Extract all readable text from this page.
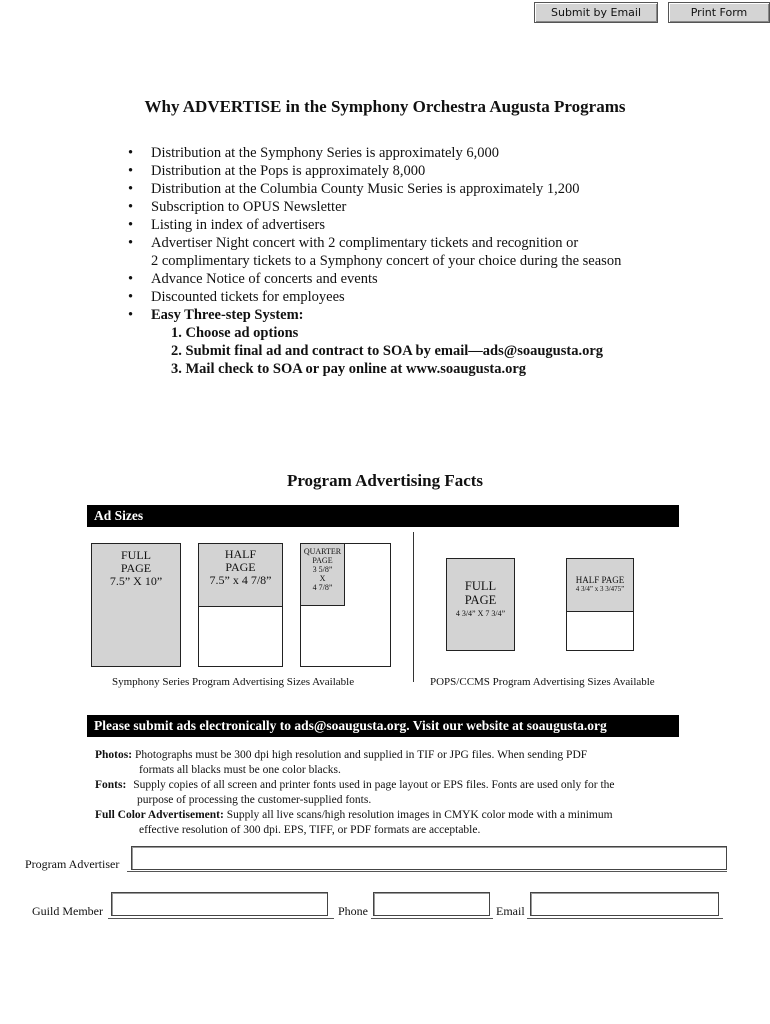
Submit by Email	Print Form
Why ADVERTISE in the Symphony Orchestra Augusta Programs
• Distribution at the Symphony Series is approximately 6,000
• Distribution at the Pops is approximately 8,000
• Distribution at the Columbia County Music Series is approximately 1,200
• Subscription to OPUS Newsletter
• Listing in index of advertisers
• Advertiser Night concert with 2 complimentary tickets and recognition or
2 complimentary tickets to a Symphony concert of your choice during the season
• Advance Notice of concerts and events
• Discounted tickets for employees
• Easy Three-step System:
1. Choose ad options
2. Submit final ad and contract to SOA by email—ads@soaugusta.org
3. Mail check to SOA or pay online at www.soaugusta.org
Program Advertising Facts
Ad Sizes
FULL
PAGE
7.5” X 10”
HALF
PAGE
7.5” x 4 7/8”
QUARTER
PAGE
3 5/8”
X
4 7/8”	FULL
PAGE
4 3/4” X 7 3/4”
HALF PAGE
4 3/4” x 3 3/475”
Symphony Series Program Advertising Sizes Available	POPS/CCMS Program Advertising Sizes Available
Please submit ads electronically to ads@soaugusta.org. Visit our website at soaugusta.org

Photos: Photographs must be 300 dpi high resolution and supplied in TIF or JPG files. When sending PDF

formats all blacks must be one color blacks.

Fonts: Supply copies of all screen and printer fonts used in page layout or EPS files. Fonts are used only for the

purpose of processing the customer-supplied fonts.

Full Color Advertisement: Supply all live scans/high resolution images in CMYK color mode with a minimum

effective resolution of 300 dpi. EPS, TIFF, or PDF formats are acceptable.

Program Advertiser
Guild Member	Phone	Email
